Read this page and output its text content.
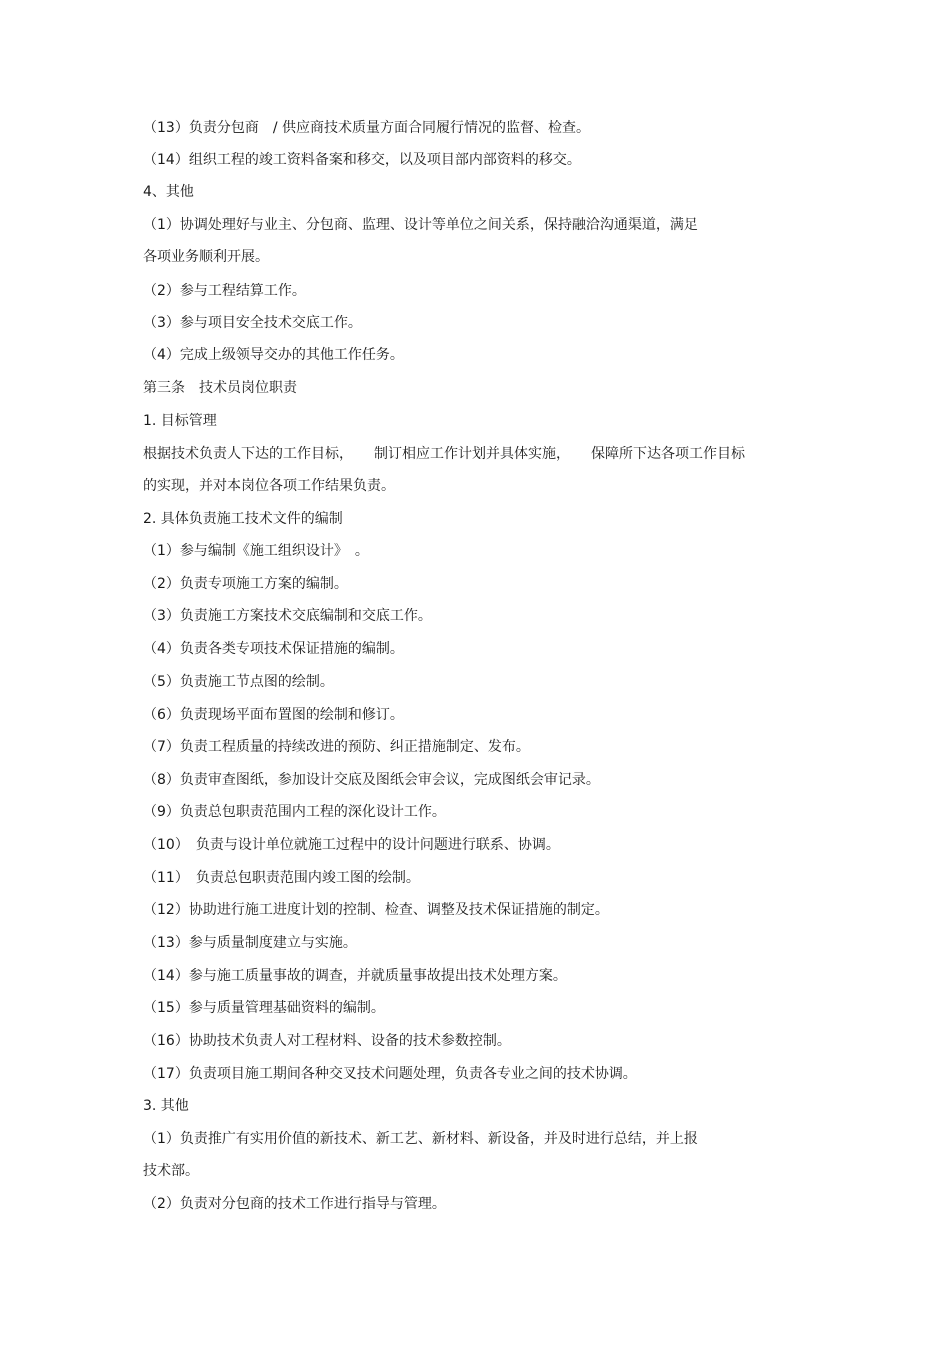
（13）负责分包商　/ 供应商技术质量方面合同履行情况的监督、检查。
（14）组织工程的竣工资料备案和移交，以及项目部内部资料的移交。
4、其他
（1）协调处理好与业主、分包商、监理、设计等单位之间关系，保持融洽沟通渠道，满足
各项业务顺利开展。
（2）参与工程结算工作。
（3）参与项目安全技术交底工作。
（4）完成上级领导交办的其他工作任务。
第三条　技术员岗位职责
1. 目标管理
根据技术负责人下达的工作目标，　　制订相应工作计划并具体实施，　　保障所下达各项工作目标
的实现，并对本岗位各项工作结果负责。
2. 具体负责施工技术文件的编制
（1）参与编制《施工组织设计》　。
（2）负责专项施工方案的编制。
（3）负责施工方案技术交底编制和交底工作。
（4）负责各类专项技术保证措施的编制。
（5）负责施工节点图的绘制。
（6）负责现场平面布置图的绘制和修订。
（7）负责工程质量的持续改进的预防、纠正措施制定、发布。
（8）负责审查图纸，参加设计交底及图纸会审会议，完成图纸会审记录。
（9）负责总包职责范围内工程的深化设计工作。
（10）　负责与设计单位就施工过程中的设计问题进行联系、协调。
（11）　负责总包职责范围内竣工图的绘制。
（12）协助进行施工进度计划的控制、检查、调整及技术保证措施的制定。
（13）参与质量制度建立与实施。
（14）参与施工质量事故的调查，并就质量事故提出技术处理方案。
（15）参与质量管理基础资料的编制。
（16）协助技术负责人对工程材料、设备的技术参数控制。
（17）负责项目施工期间各种交叉技术问题处理，负责各专业之间的技术协调。
3. 其他
（1）负责推广有实用价值的新技术、新工艺、新材料、新设备，并及时进行总结，并上报
技术部。
（2）负责对分包商的技术工作进行指导与管理。
